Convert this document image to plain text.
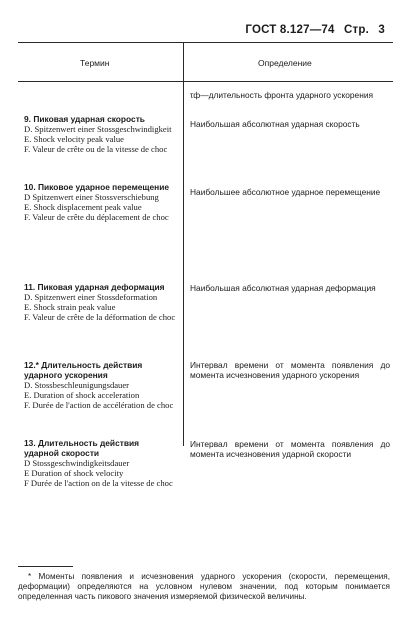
ГОСТ 8.127—74 Стр. 3
Термин	Определение
τф—длительность фронта ударного ускорения
9. Пиковая ударная скорость
D. Spitzenwert einer Stossgeschwindigkeit
E. Shock velocity peak value
F. Valeur de crête ou de la vitesse de choc
Наибольшая абсолютная ударная скорость
10. Пиковое ударное перемещение
D Spitzenwert einer Stossverschiebung
E. Shock displacement peak value
F. Valeur de crête du déplacement de choc
Наибольшее абсолютное ударное перемещение
11. Пиковая ударная деформация
D. Spitzenwert einer Stossdeformation
E. Shock strain peak value
F. Valeur de crête de la déformation de choc
Наибольшая абсолютная ударная деформация
12.* Длительность действия ударного ускорения
D. Stossbeschleunigungsdauer
E. Duration of shock acceleration
F. Durée de l'action de accélération de choc
Интервал времени от момента появления до момента исчезновения ударного ускорения
13. Длительность действия ударной скорости
D Stossgeschwindigkeitsdauer
E Duration of shock velocity
F Durée de l'action on de la vitesse de choc
Интервал времени от момента появления до момента исчезновения ударной скорости
* Моменты появления и исчезновения ударного ускорения (скорости, перемещения, деформации) определяются на условном нулевом значении, под которым понимается определенная часть пикового значения измеряемой физической величины.
